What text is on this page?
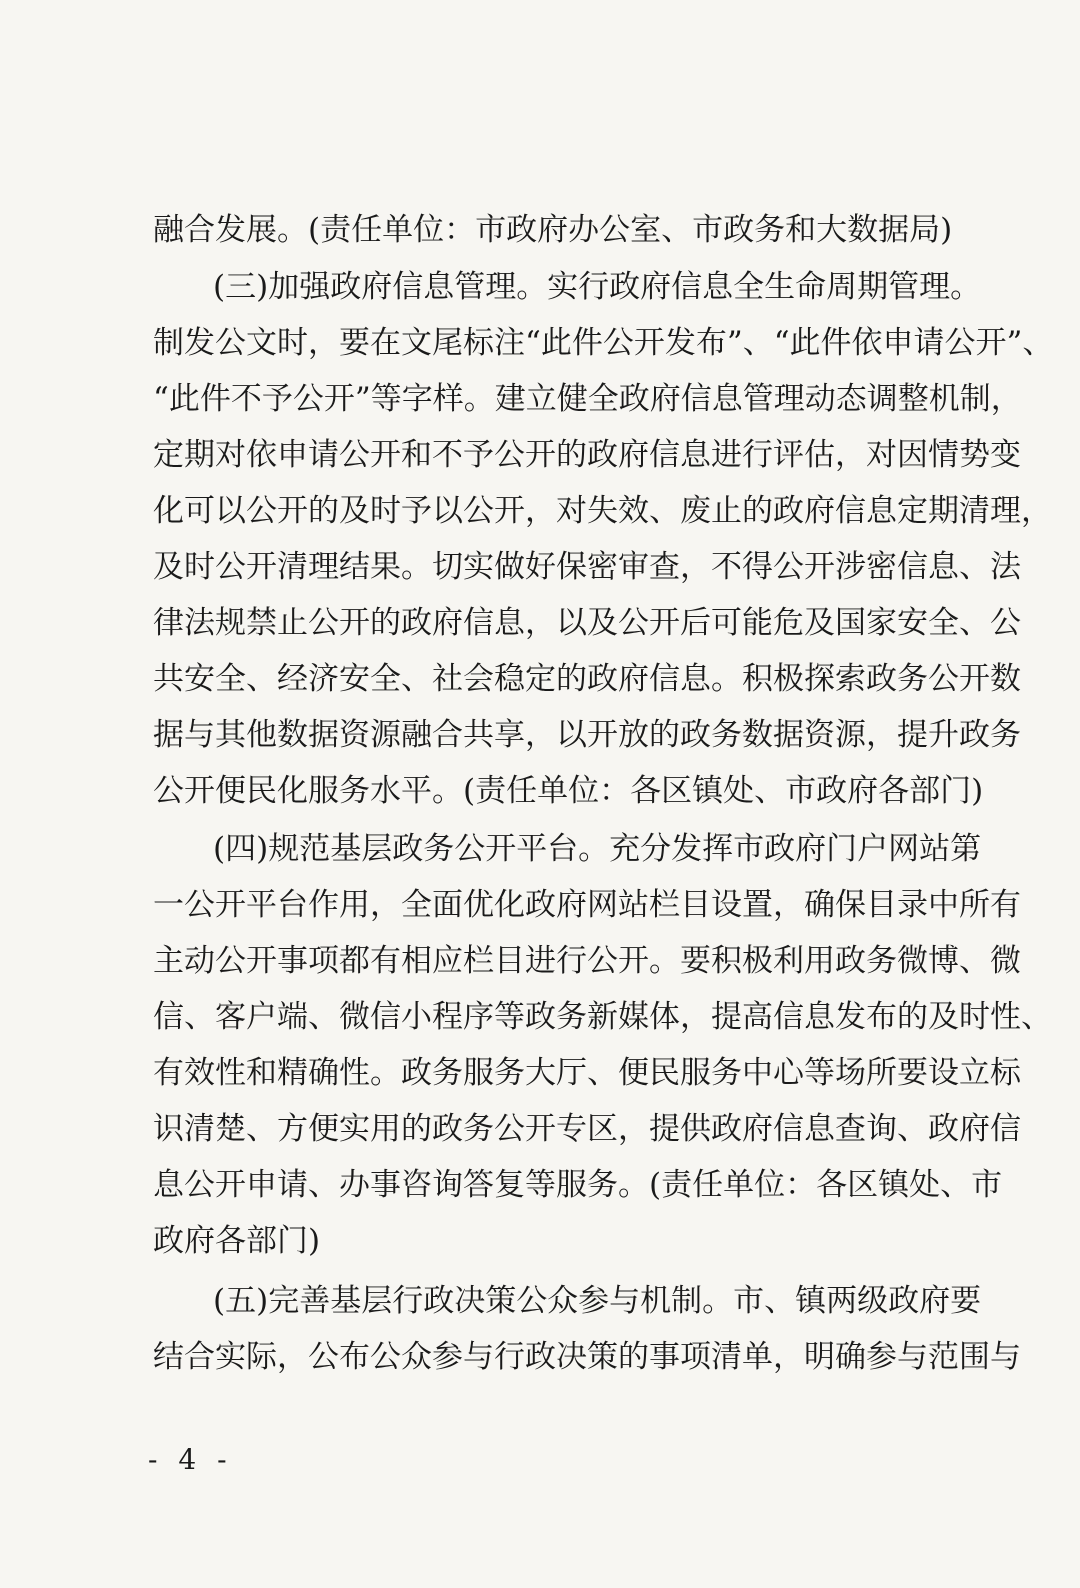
融合发展。(责任单位：市政府办公室、市政务和大数据局)
(三)加强政府信息管理。实行政府信息全生命周期管理。
制发公文时，要在文尾标注“此件公开发布”、“此件依申请公开”、
“此件不予公开”等字样。建立健全政府信息管理动态调整机制，
定期对依申请公开和不予公开的政府信息进行评估，对因情势变
化可以公开的及时予以公开，对失效、废止的政府信息定期清理，
及时公开清理结果。切实做好保密审查，不得公开涉密信息、法
律法规禁止公开的政府信息，以及公开后可能危及国家安全、公
共安全、经济安全、社会稳定的政府信息。积极探索政务公开数
据与其他数据资源融合共享，以开放的政务数据资源，提升政务
公开便民化服务水平。(责任单位：各区镇处、市政府各部门)
(四)规范基层政务公开平台。充分发挥市政府门户网站第
一公开平台作用，全面优化政府网站栏目设置，确保目录中所有
主动公开事项都有相应栏目进行公开。要积极利用政务微博、微
信、客户端、微信小程序等政务新媒体，提高信息发布的及时性、
有效性和精确性。政务服务大厅、便民服务中心等场所要设立标
识清楚、方便实用的政务公开专区，提供政府信息查询、政府信
息公开申请、办事咨询答复等服务。(责任单位：各区镇处、市
政府各部门)
(五)完善基层行政决策公众参与机制。市、镇两级政府要
结合实际，公布公众参与行政决策的事项清单，明确参与范围与
- 4 -
